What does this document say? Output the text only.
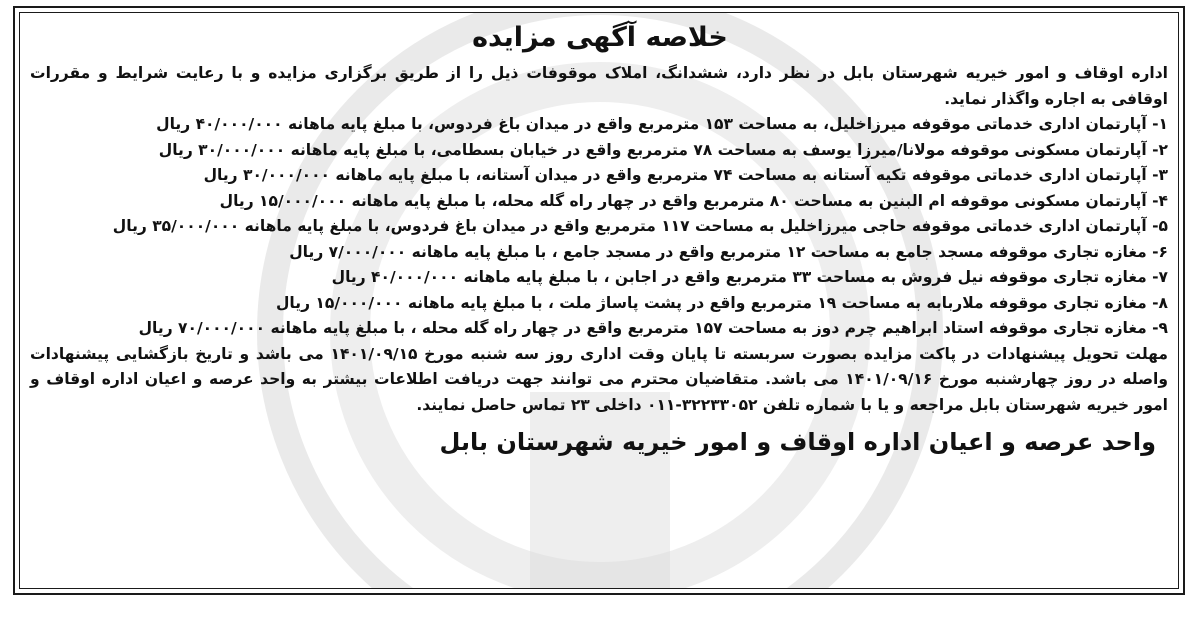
خلاصه آگهی مزایده
اداره اوقاف و امور خیریه شهرستان بابل در نظر دارد، ششدانگ، املاک موقوفات ذیل را از طریق برگزاری مزایده و با رعایت شرایط و مقررات اوقافی به اجاره واگذار نماید.
۱- آپارتمان اداری خدماتی موقوفه میرزاخلیل، به مساحت ۱۵۳ مترمربع واقع در میدان باغ فردوس، با مبلغ پایه ماهانه ۴۰/۰۰۰/۰۰۰ ریال
۲- آپارتمان مسکونی موقوفه مولانا/میرزا یوسف به مساحت ۷۸ مترمربع واقع در خیابان بسطامی، با مبلغ پایه ماهانه ۳۰/۰۰۰/۰۰۰ ریال
۳- آپارتمان اداری خدماتی موقوفه تکیه آستانه به مساحت ۷۴ مترمربع واقع در میدان آستانه، با مبلغ پایه ماهانه ۳۰/۰۰۰/۰۰۰ ریال
۴- آپارتمان مسکونی موقوفه ام البنین به مساحت ۸۰ مترمربع واقع در چهار راه گله محله، با مبلغ پایه ماهانه ۱۵/۰۰۰/۰۰۰ ریال
۵- آپارتمان اداری خدماتی موقوفه حاجی میرزاخلیل به مساحت ۱۱۷ مترمربع واقع در میدان باغ فردوس، با مبلغ پایه ماهانه ۳۵/۰۰۰/۰۰۰ ریال
۶- مغازه تجاری موقوفه مسجد جامع به مساحت ۱۲ مترمربع واقع در مسجد جامع ، با مبلغ پایه ماهانه ۷/۰۰۰/۰۰۰ ریال
۷- مغازه تجاری موقوفه نیل فروش به مساحت ۳۳ مترمربع واقع در اجابن ، با مبلغ پایه ماهانه ۴۰/۰۰۰/۰۰۰ ریال
۸- مغازه تجاری موقوفه ملاربابه به مساحت ۱۹ مترمربع واقع در پشت پاساژ ملت ، با مبلغ پایه ماهانه ۱۵/۰۰۰/۰۰۰ ریال
۹- مغازه تجاری موقوفه استاد ابراهیم چرم دوز به مساحت ۱۵۷ مترمربع واقع در چهار راه گله محله ، با مبلغ پایه ماهانه ۷۰/۰۰۰/۰۰۰ ریال
مهلت تحویل پیشنهادات در پاکت مزایده بصورت سربسته تا پایان وقت اداری روز سه شنبه مورخ ۱۴۰۱/۰۹/۱۵ می باشد و تاریخ بازگشایی پیشنهادات واصله در روز چهارشنبه مورخ ۱۴۰۱/۰۹/۱۶ می باشد. متقاضیان محترم می توانند جهت دریافت اطلاعات بیشتر به واحد عرصه و اعیان اداره اوقاف و امور خیریه شهرستان بابل مراجعه و یا با شماره تلفن ۳۲۲۳۳۰۵۲-۰۱۱ داخلی ۲۳ تماس حاصل نمایند.
واحد عرصه و اعیان اداره اوقاف و امور خیریه شهرستان بابل
